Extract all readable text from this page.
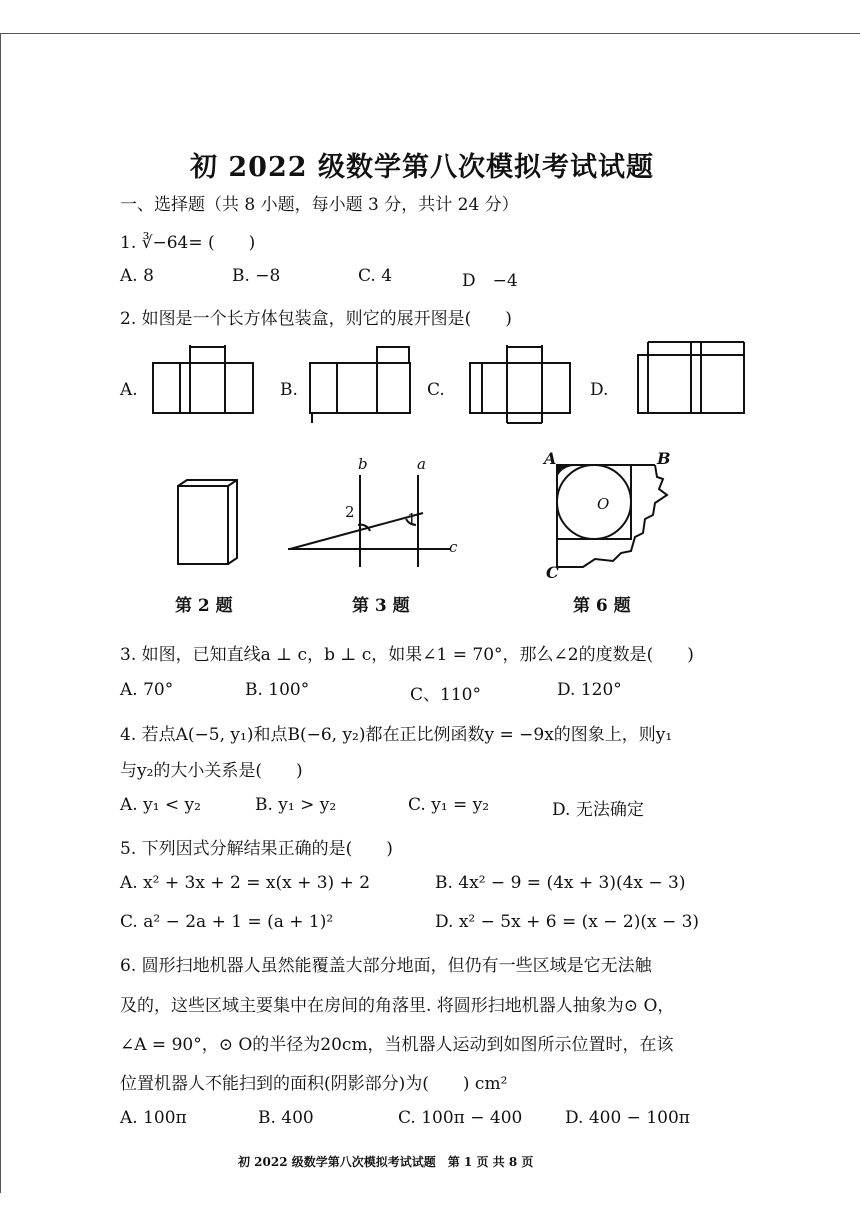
初 2022 级数学第八次模拟考试试题
一、选择题（共 8 小题，每小题 3 分，共计 24 分）
1. ∛−64= (　　)
A. 8	B. −8	C. 4	D　−4
2. 如图是一个长方体包装盒，则它的展开图是(　　)
A.	B.	C.	D.
b	a
c
2	1
A	B
C
O
第 2 题	第 3 题	第 6 题
3. 如图，已知直线a ⊥ c，b ⊥ c，如果∠1 = 70°，那么∠2的度数是(　　)
A. 70°	B. 100°	C、110°	D. 120°
4. 若点A(−5, y₁)和点B(−6, y₂)都在正比例函数y = −9x的图象上，则y₁
与y₂的大小关系是(　　)
A. y₁ < y₂	B. y₁ > y₂	C. y₁ = y₂	D. 无法确定
5. 下列因式分解结果正确的是(　　)
A. x² + 3x + 2 = x(x + 3) + 2	B. 4x² − 9 = (4x + 3)(4x − 3)
C. a² − 2a + 1 = (a + 1)²	D. x² − 5x + 6 = (x − 2)(x − 3)
6. 圆形扫地机器人虽然能覆盖大部分地面，但仍有一些区域是它无法触
及的，这些区域主要集中在房间的角落里. 将圆形扫地机器人抽象为⊙ O，
∠A = 90°，⊙ O的半径为20cm，当机器人运动到如图所示位置时，在该
位置机器人不能扫到的面积(阴影部分)为(　　) cm²
A. 100π	B. 400	C. 100π − 400	D. 400 − 100π
初 2022 级数学第八次模拟考试试题　第 1 页 共 8 页
